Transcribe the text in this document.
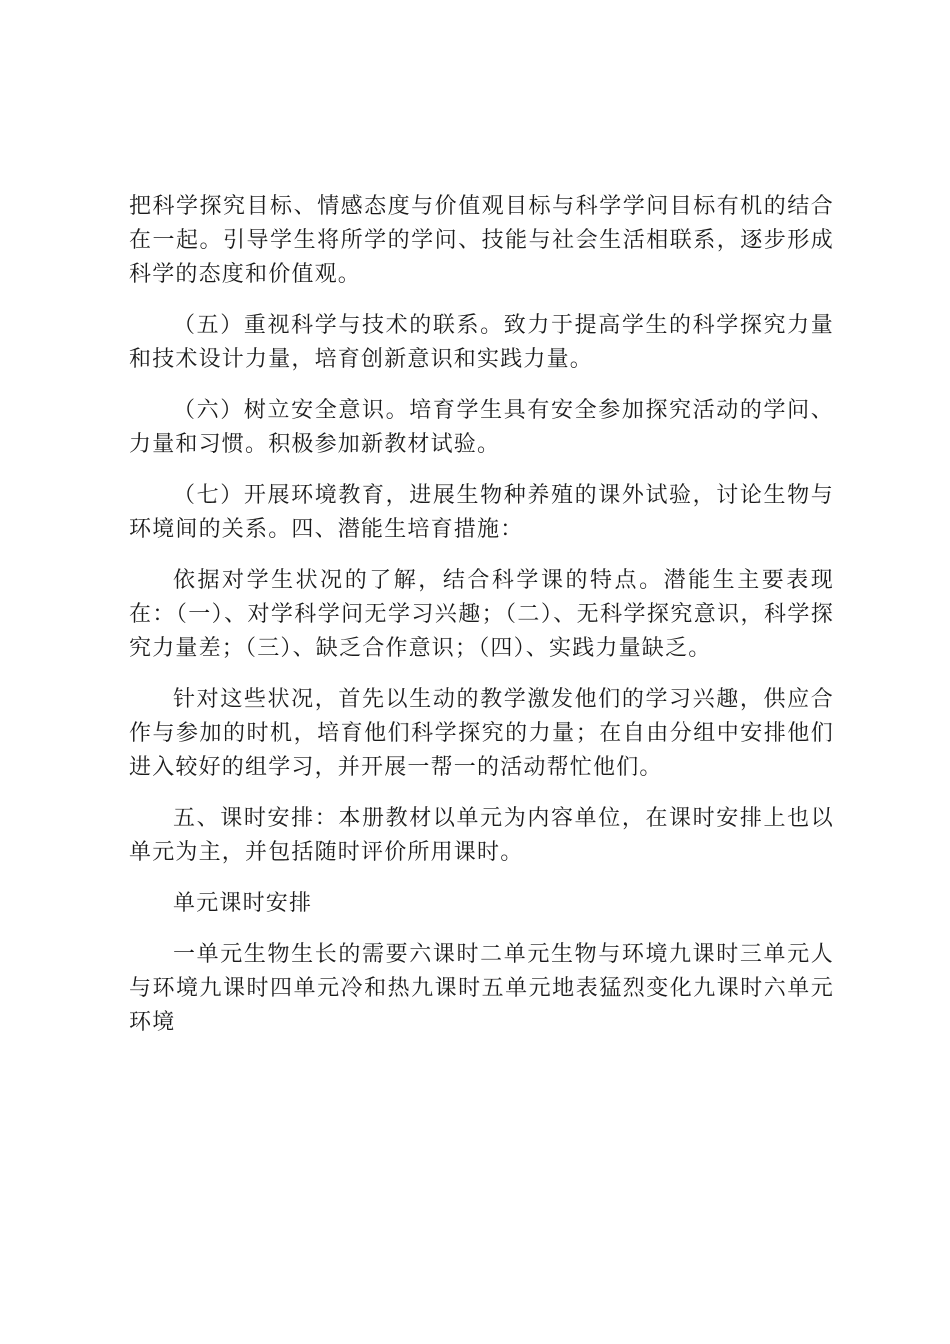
把科学探究目标、情感态度与价值观目标与科学学问目标有机的结合在一起。引导学生将所学的学问、技能与社会生活相联系，逐步形成科学的态度和价值观。

（五）重视科学与技术的联系。致力于提高学生的科学探究力量和技术设计力量，培育创新意识和实践力量。

（六）树立安全意识。培育学生具有安全参加探究活动的学问、力量和习惯。积极参加新教材试验。

（七）开展环境教育，进展生物种养殖的课外试验，讨论生物与环境间的关系。四、潜能生培育措施：

依据对学生状况的了解，结合科学课的特点。潜能生主要表现在：（一）、对学科学问无学习兴趣；（二）、无科学探究意识，科学探究力量差；（三）、缺乏合作意识；（四）、实践力量缺乏。

针对这些状况，首先以生动的教学激发他们的学习兴趣，供应合作与参加的时机，培育他们科学探究的力量；在自由分组中安排他们进入较好的组学习，并开展一帮一的活动帮忙他们。

五、课时安排：本册教材以单元为内容单位，在课时安排上也以单元为主，并包括随时评价所用课时。

单元课时安排

一单元生物生长的需要六课时二单元生物与环境九课时三单元人与环境九课时四单元冷和热九课时五单元地表猛烈变化九课时六单元环境
